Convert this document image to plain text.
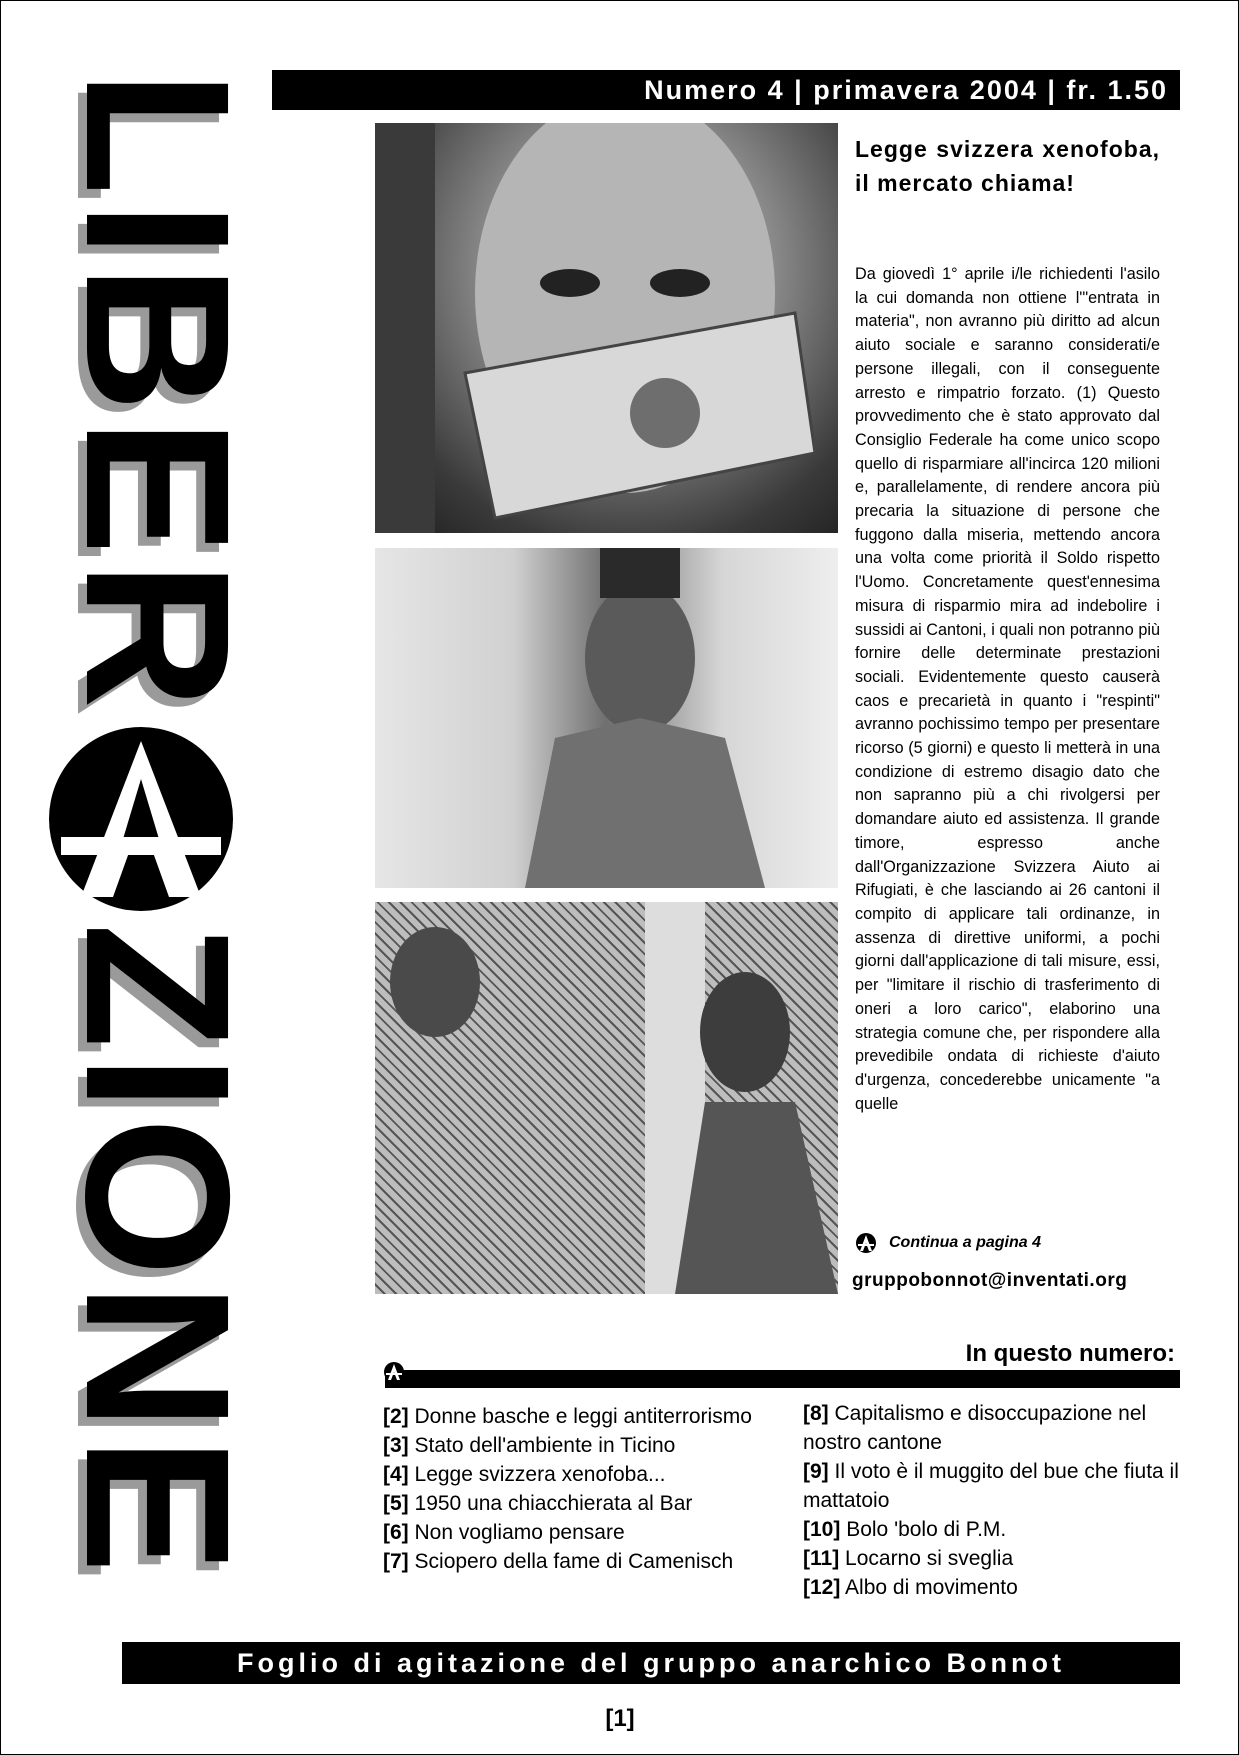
LIBERZIONE
Numero 4 | primavera 2004 | fr. 1.50
Legge svizzera xenofoba, il mercato chiama!
Da giovedì 1° aprile i/le richiedenti l'asilo la cui domanda non ottiene l'"entrata in materia", non avranno più diritto ad alcun aiuto sociale e saranno considerati/e persone illegali, con il conseguente arresto e rimpatrio forzato. (1) Questo provvedimento che è stato approvato dal Consiglio Federale ha come unico scopo quello di risparmiare all'incirca 120 milioni e, parallelamente, di rendere ancora più precaria la situazione di persone che fuggono dalla miseria, mettendo ancora una volta come priorità il Soldo rispetto l'Uomo. Concretamente quest'ennesima misura di risparmio mira ad indebolire i sussidi ai Cantoni, i quali non potranno più fornire delle determinate prestazioni sociali. Evidentemente questo causerà caos e precarietà in quanto i "respinti" avranno pochissimo tempo per presentare ricorso (5 giorni) e questo li metterà in una condizione di estremo disagio dato che non sapranno più a chi rivolgersi per domandare aiuto ed assistenza. Il grande timore, espresso anche dall'Organizzazione Svizzera Aiuto ai Rifugiati, è che lasciando ai 26 cantoni il compito di applicare tali ordinanze, in assenza di direttive uniformi, a pochi giorni dall'applicazione di tali misure, essi, per "limitare il rischio di trasferimento di oneri a loro carico", elaborino una strategia comune che, per rispondere alla prevedibile ondata di richieste d'aiuto d'urgenza, concederebbe unicamente "a quelle
Continua a pagina 4
gruppobonnot@inventati.org
In questo numero:
[2] Donne basche e leggi antiterrorismo
[3] Stato dell'ambiente in Ticino
[4] Legge svizzera xenofoba...
[5] 1950 una chiacchierata al Bar
[6] Non vogliamo pensare
[7] Sciopero della fame di Camenisch
[8] Capitalismo e disoccupazione nel nostro cantone
[9] Il voto è il muggito del bue che fiuta il mattatoio
[10] Bolo 'bolo di P.M.
[11] Locarno si sveglia
[12] Albo di movimento
Foglio di agitazione del gruppo anarchico Bonnot
[1]
